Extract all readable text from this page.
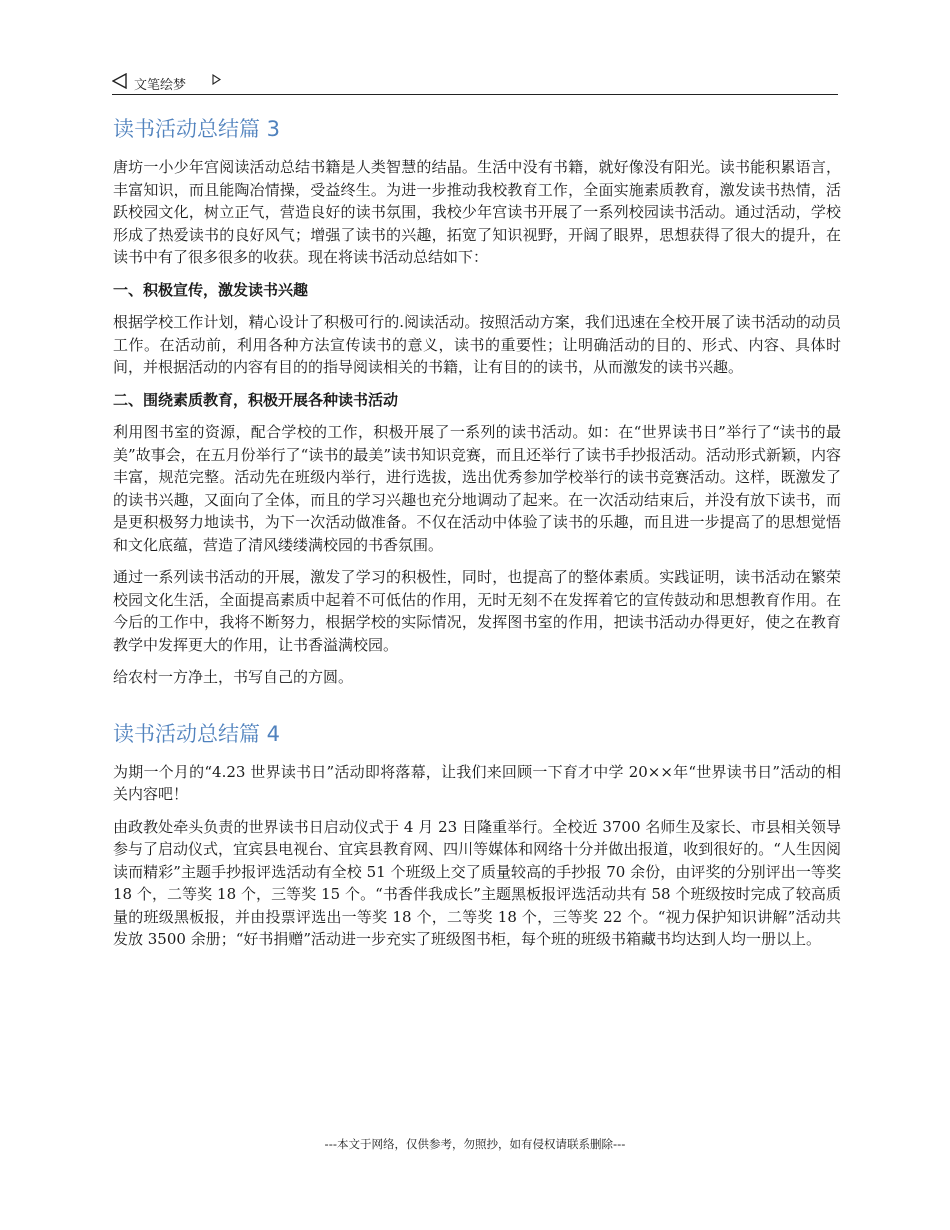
文笔绘梦
读书活动总结篇 3

唐坊一小少年宫阅读活动总结书籍是人类智慧的结晶。生活中没有书籍，就好像没有阳光。读书能积累语言，丰富知识，而且能陶冶情操，受益终生。为进一步推动我校教育工作，全面实施素质教育，激发读书热情，活跃校园文化，树立正气，营造良好的读书氛围，我校少年宫读书开展了一系列校园读书活动。通过活动，学校形成了热爱读书的良好风气；增强了读书的兴趣，拓宽了知识视野，开阔了眼界，思想获得了很大的提升，在读书中有了很多很多的收获。现在将读书活动总结如下：

一、积极宣传，激发读书兴趣

根据学校工作计划，精心设计了积极可行的.阅读活动。按照活动方案，我们迅速在全校开展了读书活动的动员工作。在活动前，利用各种方法宣传读书的意义，读书的重要性；让明确活动的目的、形式、内容、具体时间，并根据活动的内容有目的的指导阅读相关的书籍，让有目的的读书，从而激发的读书兴趣。

二、围绕素质教育，积极开展各种读书活动

利用图书室的资源，配合学校的工作，积极开展了一系列的读书活动。如：在“世界读书日”举行了“读书的最美”故事会，在五月份举行了“读书的最美”读书知识竞赛，而且还举行了读书手抄报活动。活动形式新颖，内容丰富，规范完整。活动先在班级内举行，进行选拔，选出优秀参加学校举行的读书竞赛活动。这样，既激发了的读书兴趣，又面向了全体，而且的学习兴趣也充分地调动了起来。在一次活动结束后，并没有放下读书，而是更积极努力地读书，为下一次活动做准备。不仅在活动中体验了读书的乐趣，而且进一步提高了的思想觉悟和文化底蕴，营造了清风缕缕满校园的书香氛围。

通过一系列读书活动的开展，激发了学习的积极性，同时，也提高了的整体素质。实践证明，读书活动在繁荣校园文化生活，全面提高素质中起着不可低估的作用，无时无刻不在发挥着它的宣传鼓动和思想教育作用。在今后的工作中，我将不断努力，根据学校的实际情况，发挥图书室的作用，把读书活动办得更好，使之在教育教学中发挥更大的作用，让书香溢满校园。

给农村一方净土，书写自己的方圆。

读书活动总结篇 4

为期一个月的“4.23 世界读书日”活动即将落幕，让我们来回顾一下育才中学 20××年“世界读书日”活动的相关内容吧！

由政教处牵头负责的世界读书日启动仪式于 4 月 23 日隆重举行。全校近 3700 名师生及家长、市县相关领导参与了启动仪式，宜宾县电视台、宜宾县教育网、四川等媒体和网络十分并做出报道，收到很好的。“人生因阅读而精彩”主题手抄报评选活动有全校 51 个班级上交了质量较高的手抄报 70 余份，由评奖的分别评出一等奖 18 个，二等奖 18 个，三等奖 15 个。“书香伴我成长”主题黑板报评选活动共有 58 个班级按时完成了较高质量的班级黑板报，并由投票评选出一等奖 18 个，二等奖 18 个，三等奖 22 个。“视力保护知识讲解”活动共发放 3500 余册；“好书捐赠”活动进一步充实了班级图书柜，每个班的班级书箱藏书均达到人均一册以上。

---本文于网络，仅供参考，勿照抄，如有侵权请联系删除---
